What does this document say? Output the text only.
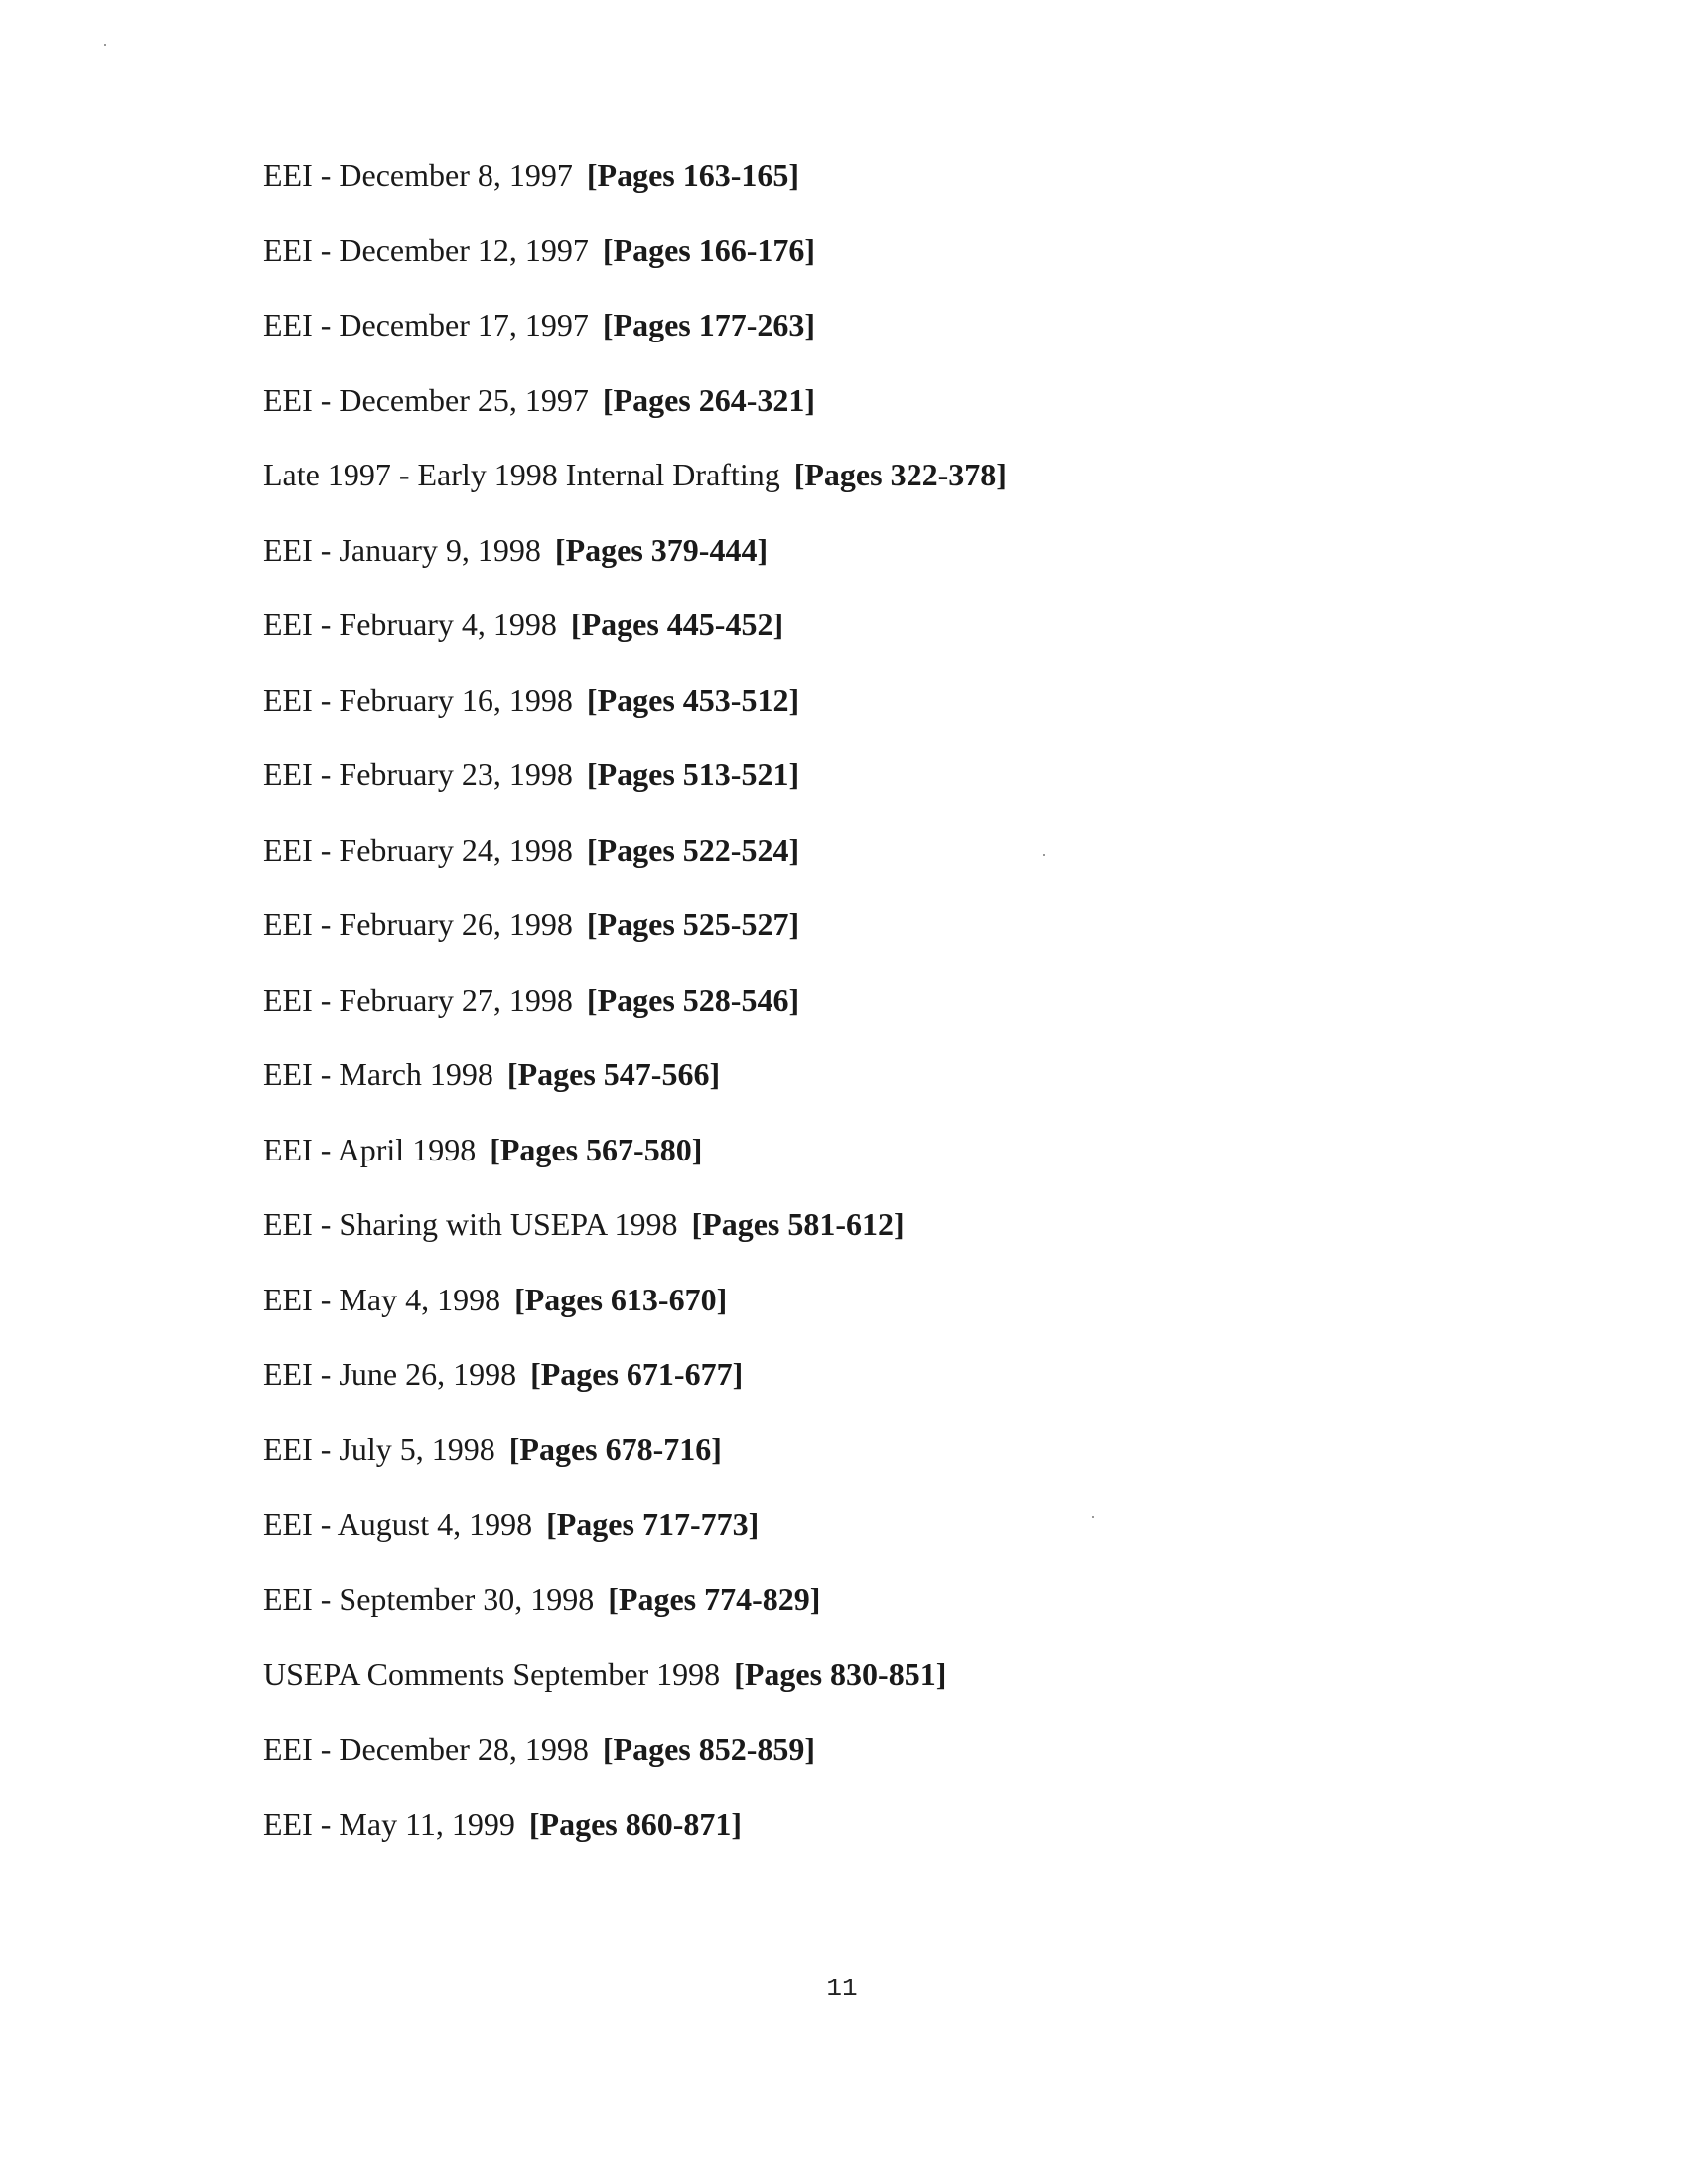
EEI - December 8, 1997 [Pages 163-165]
EEI - December 12, 1997 [Pages 166-176]
EEI - December 17, 1997 [Pages 177-263]
EEI - December 25, 1997 [Pages 264-321]
Late 1997 - Early 1998 Internal Drafting [Pages 322-378]
EEI - January 9, 1998 [Pages 379-444]
EEI - February 4, 1998 [Pages 445-452]
EEI - February 16, 1998 [Pages 453-512]
EEI - February 23, 1998 [Pages 513-521]
EEI - February 24, 1998 [Pages 522-524]
EEI - February 26, 1998 [Pages 525-527]
EEI - February 27, 1998 [Pages 528-546]
EEI - March 1998 [Pages 547-566]
EEI - April 1998 [Pages 567-580]
EEI - Sharing with USEPA 1998 [Pages 581-612]
EEI - May 4, 1998 [Pages 613-670]
EEI - June 26, 1998 [Pages 671-677]
EEI - July 5, 1998 [Pages 678-716]
EEI - August 4, 1998 [Pages 717-773]
EEI - September 30, 1998 [Pages 774-829]
USEPA Comments September 1998 [Pages 830-851]
EEI - December 28, 1998 [Pages 852-859]
EEI - May 11, 1999 [Pages 860-871]
11
